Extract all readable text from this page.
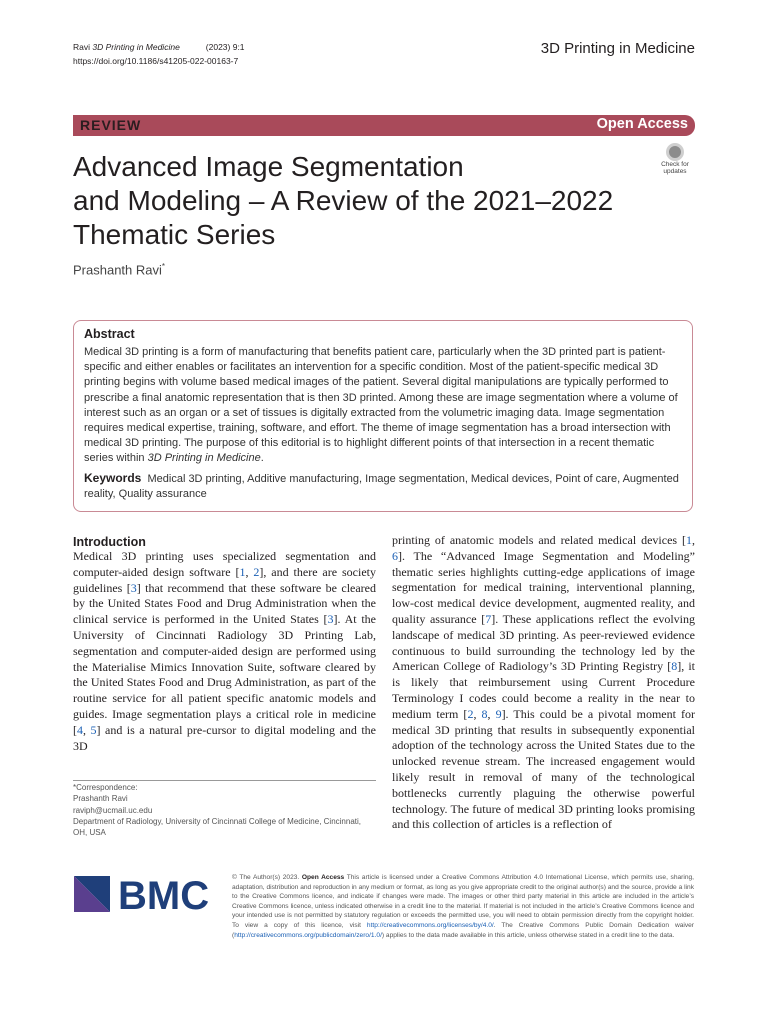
Ravi 3D Printing in Medicine	(2023) 9:1
https://doi.org/10.1186/s41205-022-00163-7
3D Printing in Medicine
REVIEW	Open Access
Advanced Image Segmentation
and Modeling – A Review of the 2021–2022
Thematic Series
Check for
updates
Prashanth Ravi*
Abstract
Medical 3D printing is a form of manufacturing that benefits patient care, particularly when the 3D printed part is patient-specific and either enables or facilitates an intervention for a specific condition. Most of the patient-specific medical 3D printing begins with volume based medical images of the patient. Several digital manipulations are typically performed to prescribe a final anatomic representation that is then 3D printed. Among these are image segmentation where a volume of interest such as an organ or a set of tissues is digitally extracted from the volumetric imaging data. Image segmentation requires medical expertise, training, software, and effort. The theme of image segmentation has a broad intersection with medical 3D printing. The purpose of this editorial is to highlight different points of that intersection in a recent thematic series within 3D Printing in Medicine.
Keywords Medical 3D printing, Additive manufacturing, Image segmentation, Medical devices, Point of care, Augmented reality, Quality assurance
Introduction
Medical 3D printing uses specialized segmentation and computer-aided design software [1, 2], and there are society guidelines [3] that recommend that these software be cleared by the United States Food and Drug Administration when the clinical service is performed in the United States [3]. At the University of Cincinnati Radiology 3D Printing Lab, segmentation and computer-aided design are performed using the Materialise Mimics Innovation Suite, software cleared by the United States Food and Drug Administration, as part of the routine service for all patient specific anatomic models and guides. Image segmentation plays a critical role in medicine [4, 5] and is a natural pre-cursor to digital modeling and the 3D
printing of anatomic models and related medical devices [1, 6]. The “Advanced Image Segmentation and Modeling” thematic series highlights cutting-edge applications of image segmentation for medical training, interventional planning, low-cost medical device development, augmented reality, and quality assurance [7]. These applications reflect the evolving landscape of medical 3D printing. As peer-reviewed evidence continuous to build surrounding the technology led by the American College of Radiology’s 3D Printing Registry [8], it is likely that reimbursement using Current Procedure Terminology I codes could become a reality in the near to medium term [2, 8, 9]. This could be a pivotal moment for medical 3D printing that results in subsequently exponential adoption of the technology across the United States due to the unlocked revenue stream. The increased engagement would likely result in removal of many of the technological bottlenecks currently plaguing the otherwise powerful technology. The future of medical 3D printing looks promising and this collection of articles is a reflection of
*Correspondence:
Prashanth Ravi
raviph@ucmail.uc.edu
Department of Radiology, University of Cincinnati College of Medicine, Cincinnati, OH, USA
BMC	© The Author(s) 2023. Open Access This article is licensed under a Creative Commons Attribution 4.0 International License, which permits use, sharing, adaptation, distribution and reproduction in any medium or format, as long as you give appropriate credit to the original author(s) and the source, provide a link to the Creative Commons licence, and indicate if changes were made. The images or other third party material in this article are included in the article’s Creative Commons licence, unless indicated otherwise in a credit line to the material. If material is not included in the article’s Creative Commons licence and your intended use is not permitted by statutory regulation or exceeds the permitted use, you will need to obtain permission directly from the copyright holder. To view a copy of this licence, visit http://creativecommons.org/licenses/by/4.0/. The Creative Commons Public Domain Dedication waiver (http://creativecommons.org/publicdomain/zero/1.0/) applies to the data made available in this article, unless otherwise stated in a credit line to the data.
